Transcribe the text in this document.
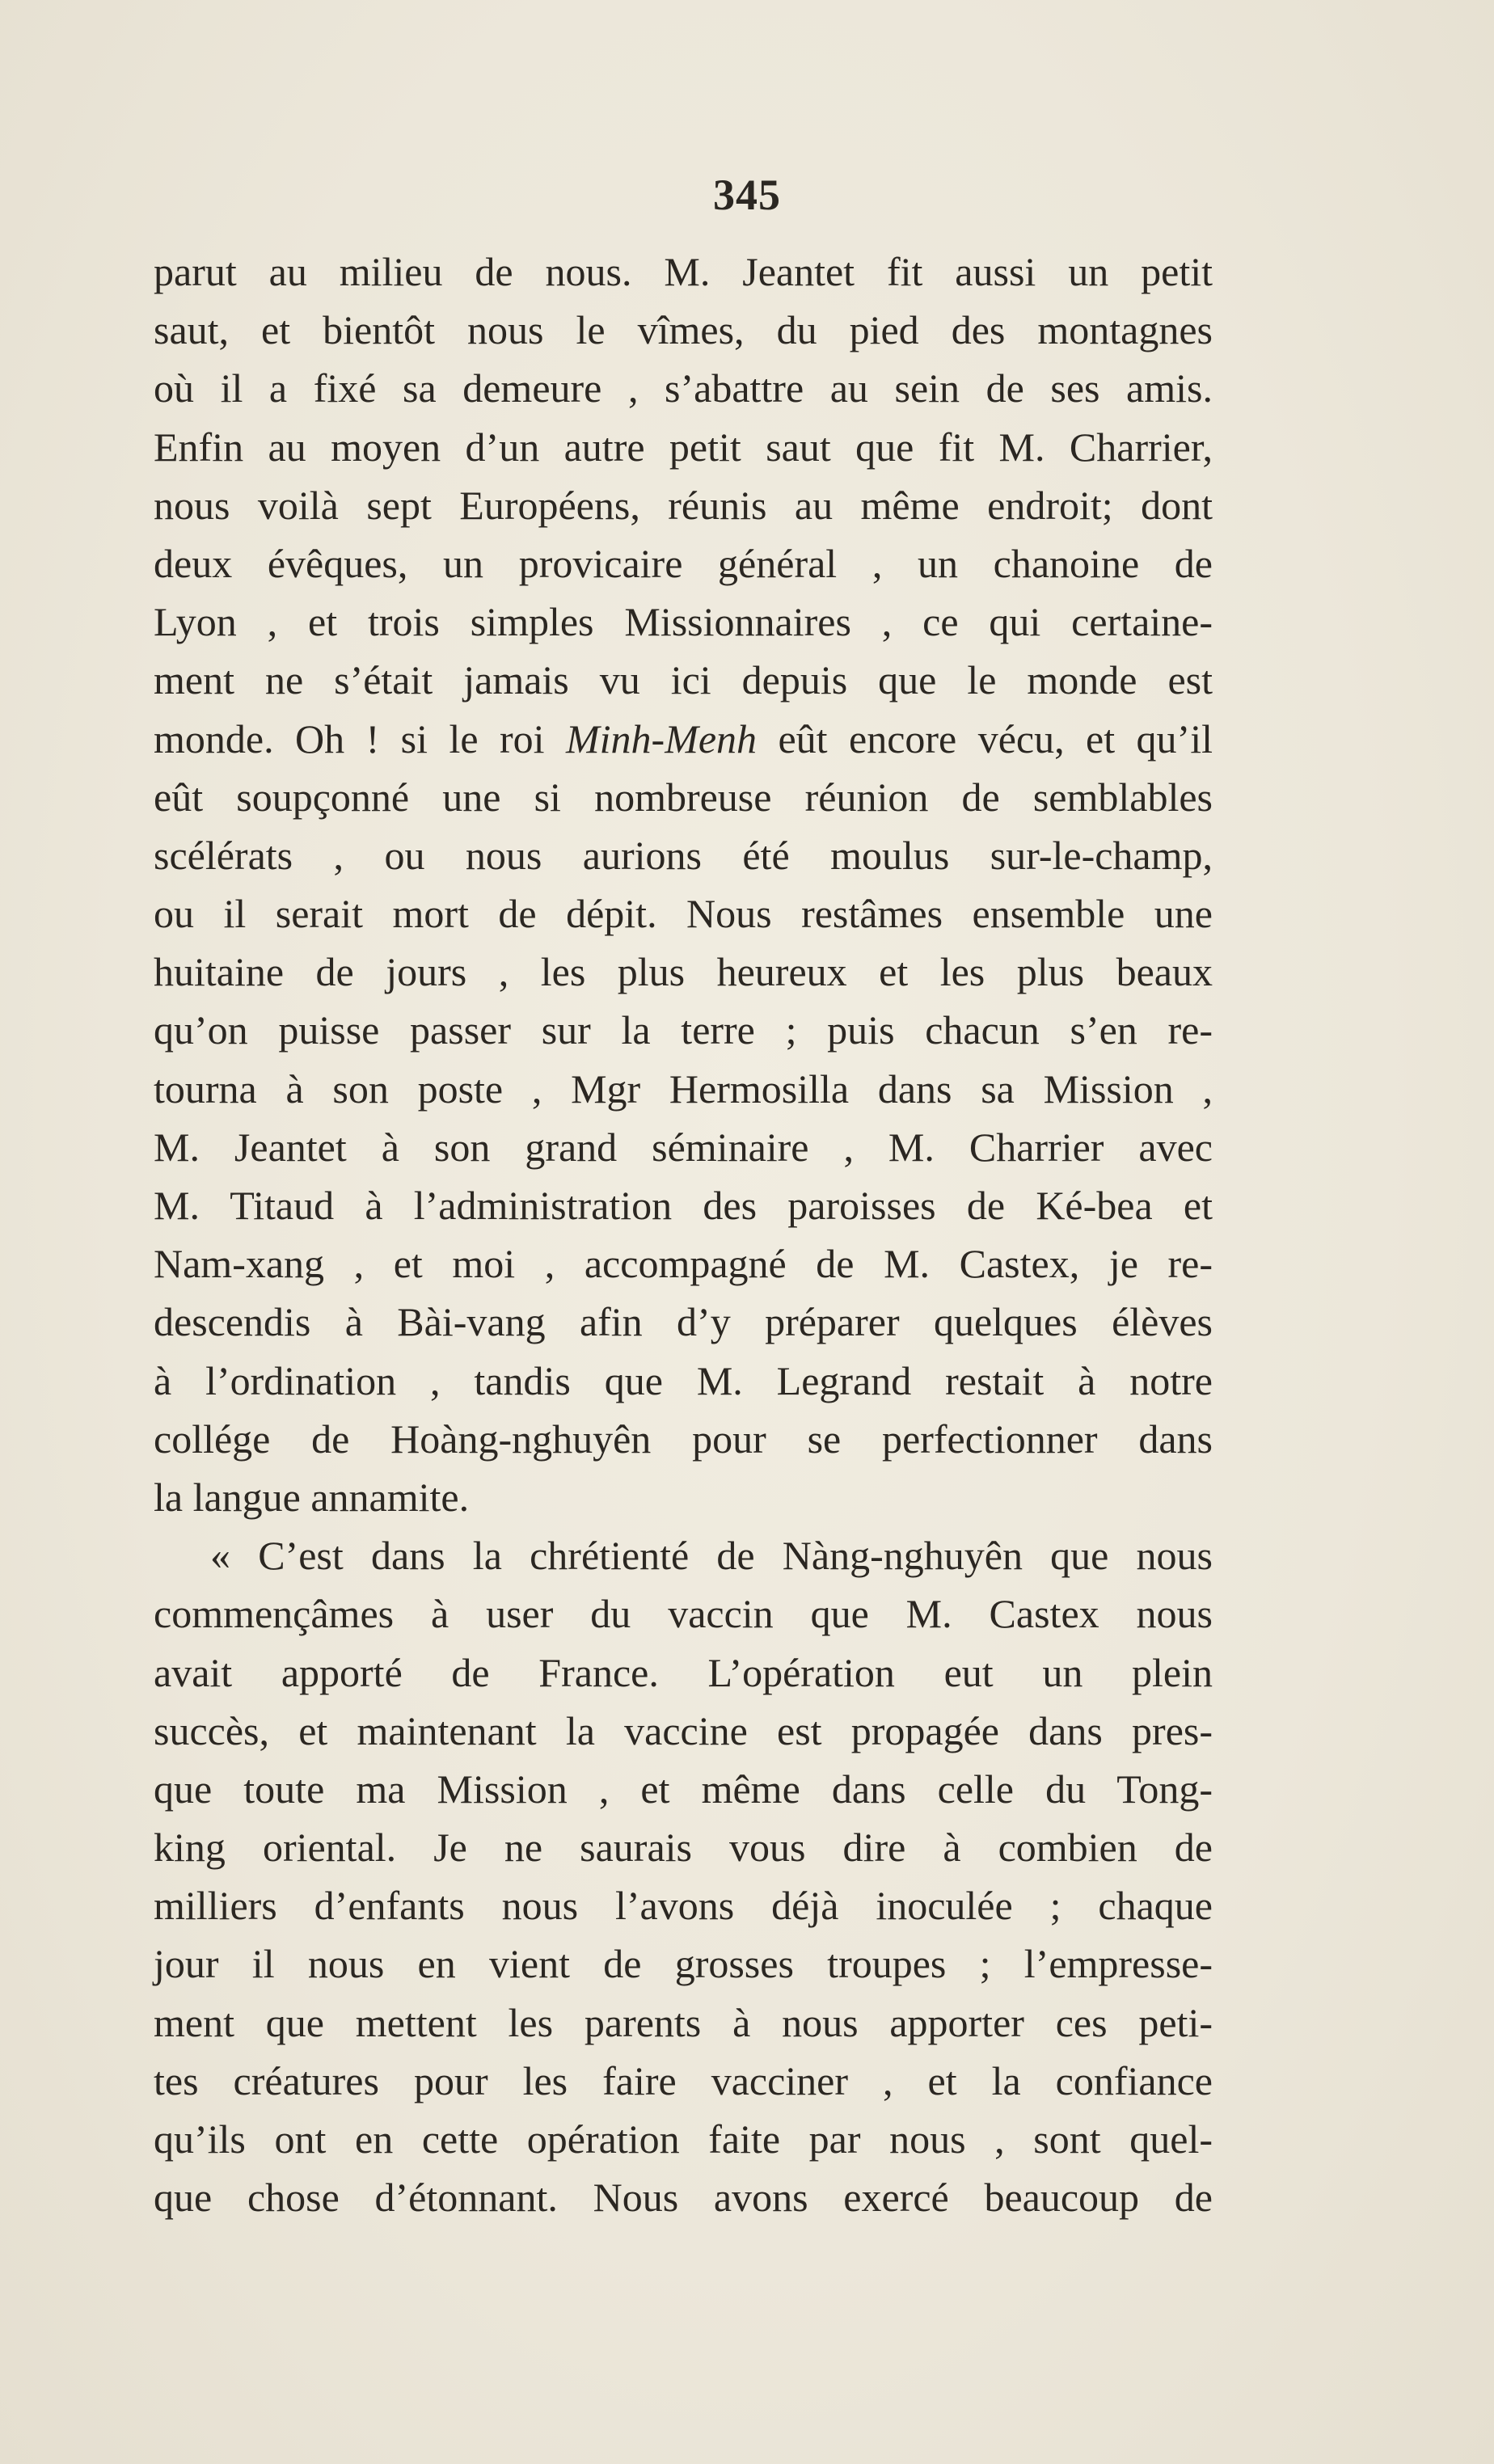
345
parut au milieu de nous. M. Jeantet fit aussi un petit
saut, et bientôt nous le vîmes, du pied des montagnes
où il a fixé sa demeure , s’abattre au sein de ses amis.
Enfin au moyen d’un autre petit saut que fit M. Charrier,
nous voilà sept Européens, réunis au même endroit; dont
deux évêques, un provicaire général , un chanoine de
Lyon , et trois simples Missionnaires , ce qui certaine-
ment ne s’était jamais vu ici depuis que le monde est
monde. Oh ! si le roi Minh-Menh eût encore vécu, et qu’il
eût soupçonné une si nombreuse réunion de semblables
scélérats , ou nous aurions été moulus sur-le-champ,
ou il serait mort de dépit. Nous restâmes ensemble une
huitaine de jours , les plus heureux et les plus beaux
qu’on puisse passer sur la terre ; puis chacun s’en re-
tourna à son poste , Mgr Hermosilla dans sa Mission ,
M. Jeantet à son grand séminaire , M. Charrier avec
M. Titaud à l’administration des paroisses de Ké-bea et
Nam-xang , et moi , accompagné de M. Castex, je re-
descendis à Bài-vang afin d’y préparer quelques élèves
à l’ordination , tandis que M. Legrand restait à notre
collége de Hoàng-nghuyên pour se perfectionner dans
la langue annamite.
« C’est dans la chrétienté de Nàng-nghuyên que nous
commençâmes à user du vaccin que M. Castex nous
avait apporté de France. L’opération eut un plein
succès, et maintenant la vaccine est propagée dans pres-
que toute ma Mission , et même dans celle du Tong-
king oriental. Je ne saurais vous dire à combien de
milliers d’enfants nous l’avons déjà inoculée ; chaque
jour il nous en vient de grosses troupes ; l’empresse-
ment que mettent les parents à nous apporter ces peti-
tes créatures pour les faire vacciner , et la confiance
qu’ils ont en cette opération faite par nous , sont quel-
que chose d’étonnant. Nous avons exercé beaucoup de
